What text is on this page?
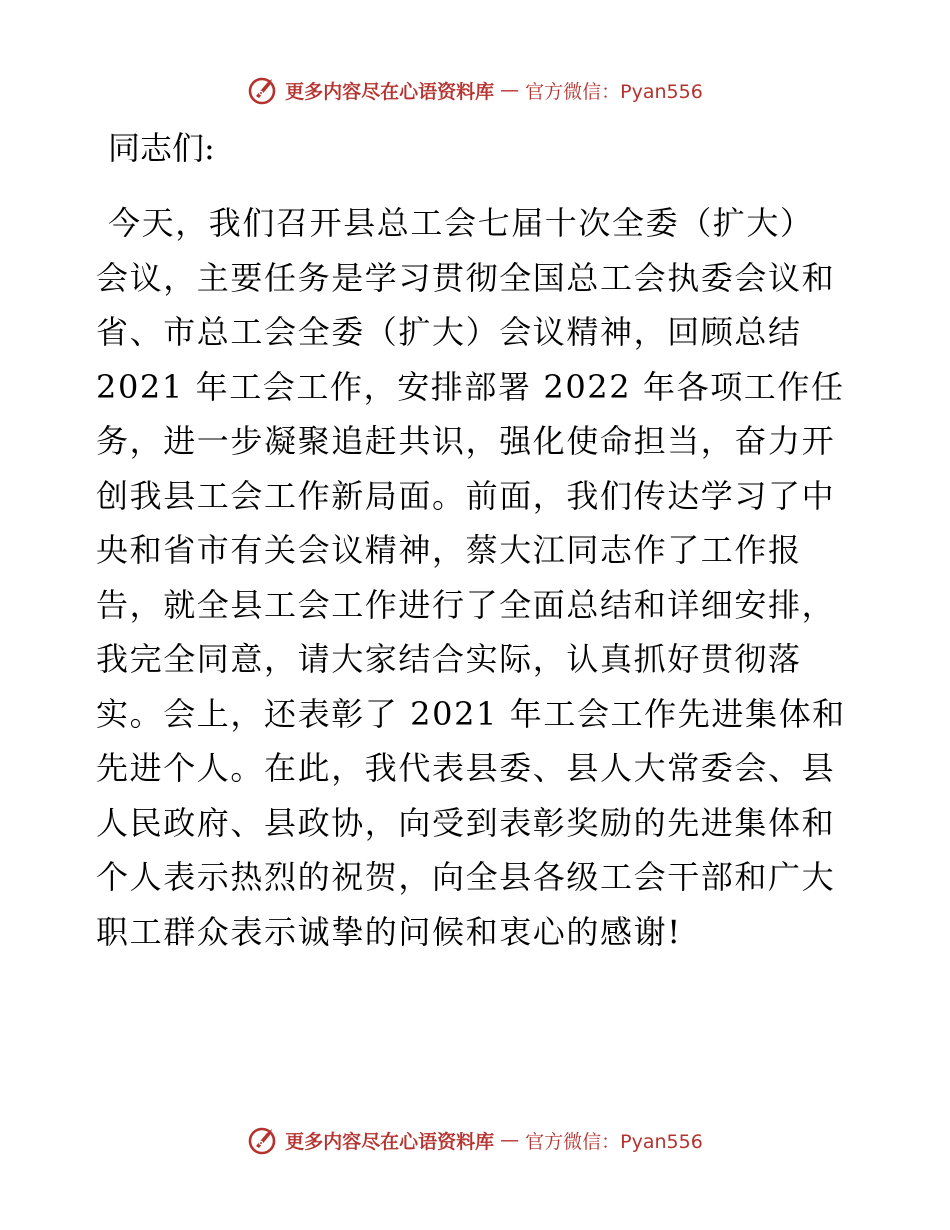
更多内容尽在心语资料库 — 官方微信：Pyan556

同志们:

今天，我们召开县总工会七届十次全委（扩大）
会议，主要任务是学习贯彻全国总工会执委会议和
省、市总工会全委（扩大）会议精神，回顾总结
2021 年工会工作，安排部署 2022 年各项工作任
务，进一步凝聚追赶共识，强化使命担当，奋力开
创我县工会工作新局面。前面，我们传达学习了中
央和省市有关会议精神，蔡大江同志作了工作报
告，就全县工会工作进行了全面总结和详细安排，
我完全同意，请大家结合实际，认真抓好贯彻落
实。会上，还表彰了 2021 年工会工作先进集体和
先进个人。在此，我代表县委、县人大常委会、县
人民政府、县政协，向受到表彰奖励的先进集体和
个人表示热烈的祝贺，向全县各级工会干部和广大
职工群众表示诚挚的问候和衷心的感谢!
更多内容尽在心语资料库 — 官方微信：Pyan556
